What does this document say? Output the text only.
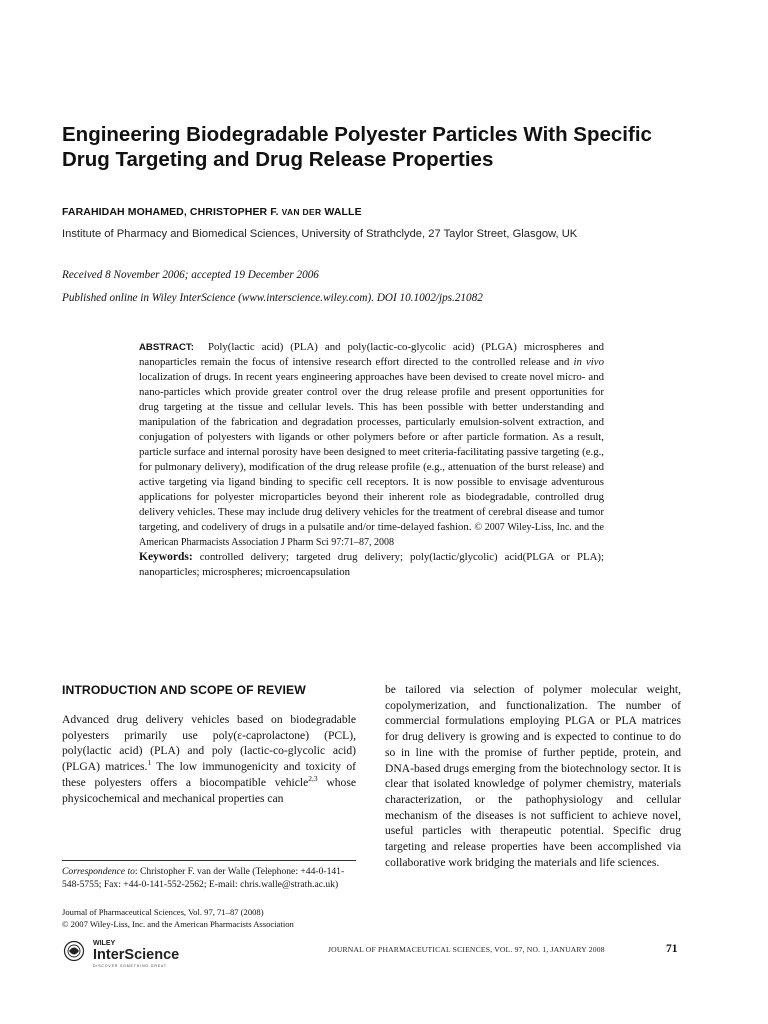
Engineering Biodegradable Polyester Particles With Specific Drug Targeting and Drug Release Properties
FARAHIDAH MOHAMED, CHRISTOPHER F. VAN DER WALLE
Institute of Pharmacy and Biomedical Sciences, University of Strathclyde, 27 Taylor Street, Glasgow, UK
Received 8 November 2006; accepted 19 December 2006
Published online in Wiley InterScience (www.interscience.wiley.com). DOI 10.1002/jps.21082
ABSTRACT: Poly(lactic acid) (PLA) and poly(lactic-co-glycolic acid) (PLGA) microspheres and nanoparticles remain the focus of intensive research effort directed to the controlled release and in vivo localization of drugs. In recent years engineering approaches have been devised to create novel micro- and nano-particles which provide greater control over the drug release profile and present opportunities for drug targeting at the tissue and cellular levels. This has been possible with better understanding and manipulation of the fabrication and degradation processes, particularly emulsion-solvent extraction, and conjugation of polyesters with ligands or other polymers before or after particle formation. As a result, particle surface and internal porosity have been designed to meet criteria-facilitating passive targeting (e.g., for pulmonary delivery), modification of the drug release profile (e.g., attenuation of the burst release) and active targeting via ligand binding to specific cell receptors. It is now possible to envisage adventurous applications for polyester microparticles beyond their inherent role as biodegradable, controlled drug delivery vehicles. These may include drug delivery vehicles for the treatment of cerebral disease and tumor targeting, and codelivery of drugs in a pulsatile and/or time-delayed fashion. © 2007 Wiley-Liss, Inc. and the American Pharmacists Association J Pharm Sci 97:71–87, 2008
Keywords: controlled delivery; targeted drug delivery; poly(lactic/glycolic) acid(PLGA or PLA); nanoparticles; microspheres; microencapsulation
INTRODUCTION AND SCOPE OF REVIEW
Advanced drug delivery vehicles based on biodegradable polyesters primarily use poly(ε-caprolactone) (PCL), poly(lactic acid) (PLA) and poly (lactic-co-glycolic acid) (PLGA) matrices.$^1$ The low immunogenicity and toxicity of these polyesters offers a biocompatible vehicle$^{2,3}$ whose physicochemical and mechanical properties can
be tailored via selection of polymer molecular weight, copolymerization, and functionalization. The number of commercial formulations employing PLGA or PLA matrices for drug delivery is growing and is expected to continue to do so in line with the promise of further peptide, protein, and DNA-based drugs emerging from the biotechnology sector. It is clear that isolated knowledge of polymer chemistry, materials characterization, or the pathophysiology and cellular mechanism of the diseases is not sufficient to achieve novel, useful particles with therapeutic potential. Specific drug targeting and release properties have been accomplished via collaborative work bridging the materials and life sciences.
Correspondence to: Christopher F. van der Walle (Telephone: +44-0-141-548-5755; Fax: +44-0-141-552-2562; E-mail: chris.walle@strath.ac.uk)
Journal of Pharmaceutical Sciences, Vol. 97, 71–87 (2008)
© 2007 Wiley-Liss, Inc. and the American Pharmacists Association
WILEY
InterScience
DISCOVER SOMETHING GREAT
JOURNAL OF PHARMACEUTICAL SCIENCES, VOL. 97, NO. 1, JANUARY 2008	71
